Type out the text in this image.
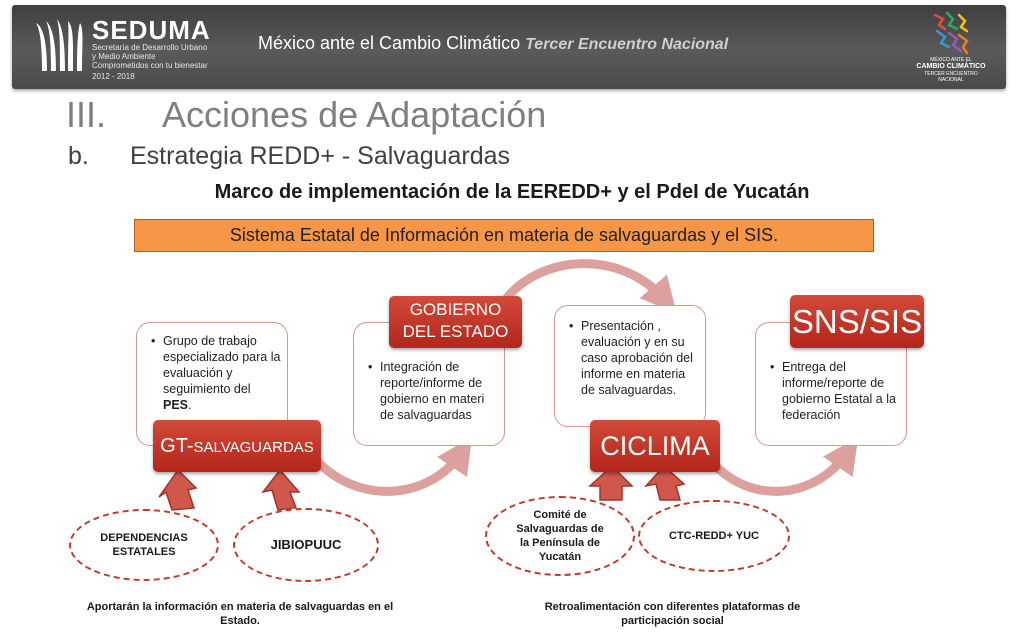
SEDUMA
Secretaría de Desarrollo Urbano
y Medio Ambiente
Comprometidos con tu bienestar
2012 - 2018
México ante el Cambio Climático Tercer Encuentro Nacional
MÉXICO ANTE EL
CAMBIO CLIMÁTICO
TERCER ENCUENTRO NACIONAL
III. Acciones de Adaptación
b. Estrategia REDD+ - Salvaguardas
Marco de implementación de la EEREDD+ y el PdeI de Yucatán
Sistema Estatal de Información en materia de salvaguardas y el SIS.
• Grupo de trabajo especializado para la evaluación y seguimiento del PES.
GT-SALVAGUARDAS
• Integración de reporte/informe de gobierno en materi de salvaguardas
GOBIERNO
DEL ESTADO
•	Presentación , evaluación y en su caso aprobación del informe en materia de salvaguardas.
CICLIMA
• Entrega del informe/reporte de gobierno Estatal a la federación
SNS/SIS
DEPENDENCIAS
ESTATALES	JIBIOPUUC
Comité de
Salvaguardas de
la Península de
Yucatán
CTC-REDD+ YUC
Aportarán la información en materia de salvaguardas en el
Estado.
Retroalimentación con diferentes plataformas de
participación social
